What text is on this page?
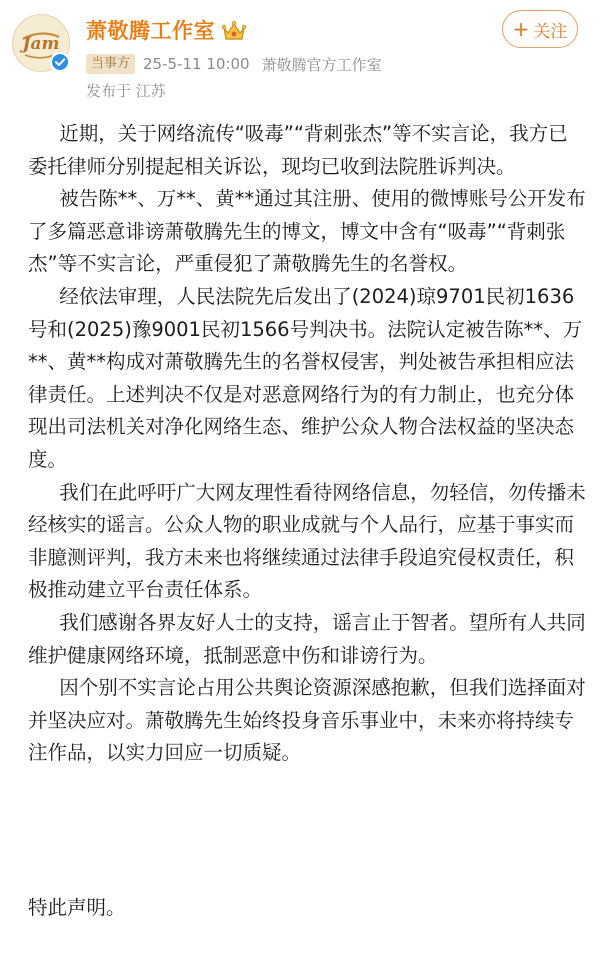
Jam
萧敬腾工作室	+ 关注
当事方 25-5-11 10:00 萧敬腾官方工作室
发布于 江苏

近期，关于网络流传“吸毒”“背刺张杰”等不实言论，我方已委托律师分别提起相关诉讼，现均已收到法院胜诉判决。

被告陈**、万**、黄**通过其注册、使用的微博账号公开发布了多篇恶意诽谤萧敬腾先生的博文，博文中含有“吸毒”“背刺张杰”等不实言论，严重侵犯了萧敬腾先生的名誉权。

经依法审理，人民法院先后发出了(2024)琼9701民初1636号和(2025)豫9001民初1566号判决书。法院认定被告陈**、万**、黄**构成对萧敬腾先生的名誉权侵害，判处被告承担相应法律责任。上述判决不仅是对恶意网络行为的有力制止，也充分体现出司法机关对净化网络生态、维护公众人物合法权益的坚决态度。

我们在此呼吁广大网友理性看待网络信息，勿轻信，勿传播未经核实的谣言。公众人物的职业成就与个人品行，应基于事实而非臆测评判，我方未来也将继续通过法律手段追究侵权责任，积极推动建立平台责任体系。

我们感谢各界友好人士的支持，谣言止于智者。望所有人共同维护健康网络环境，抵制恶意中伤和诽谤行为。

因个别不实言论占用公共舆论资源深感抱歉，但我们选择面对并坚决应对。萧敬腾先生始终投身音乐事业中，未来亦将持续专注作品，以实力回应一切质疑。

特此声明。
